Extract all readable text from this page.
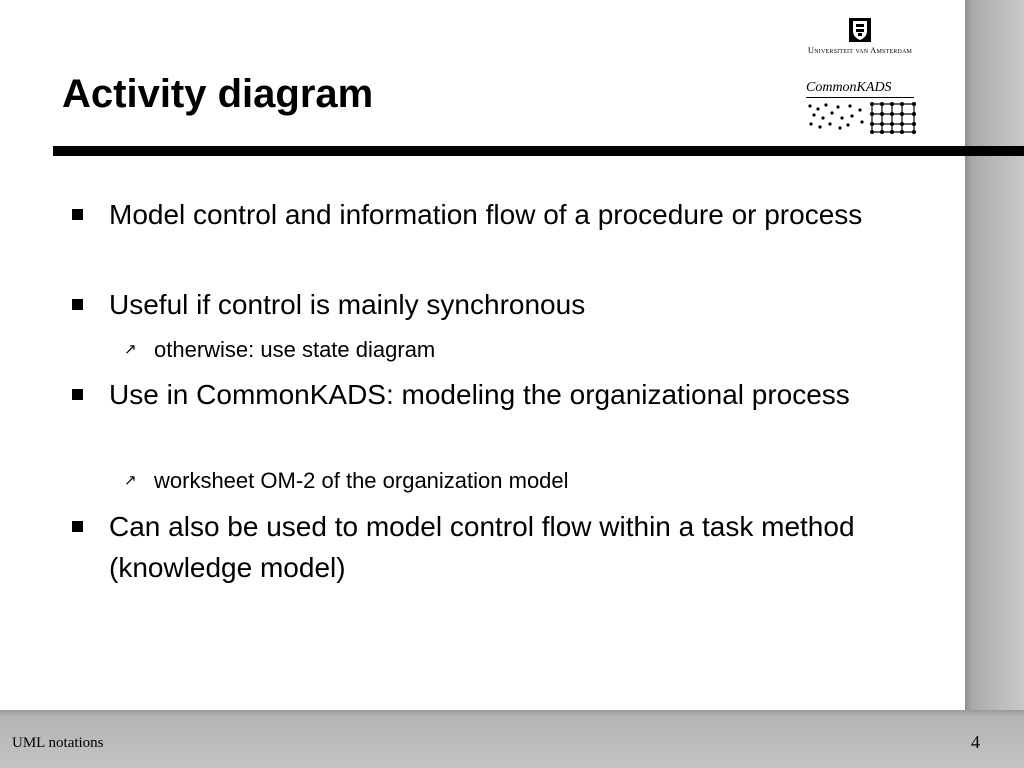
Activity diagram
Universiteit van Amsterdam
CommonKADS
Model control and information flow of a procedure or process
Useful if control is mainly synchronous
↗ otherwise: use state diagram
Use in CommonKADS: modeling the organizational process
↗ worksheet OM-2 of the organization model
Can also be used to model control flow within a task method (knowledge model)
UML notations	4
